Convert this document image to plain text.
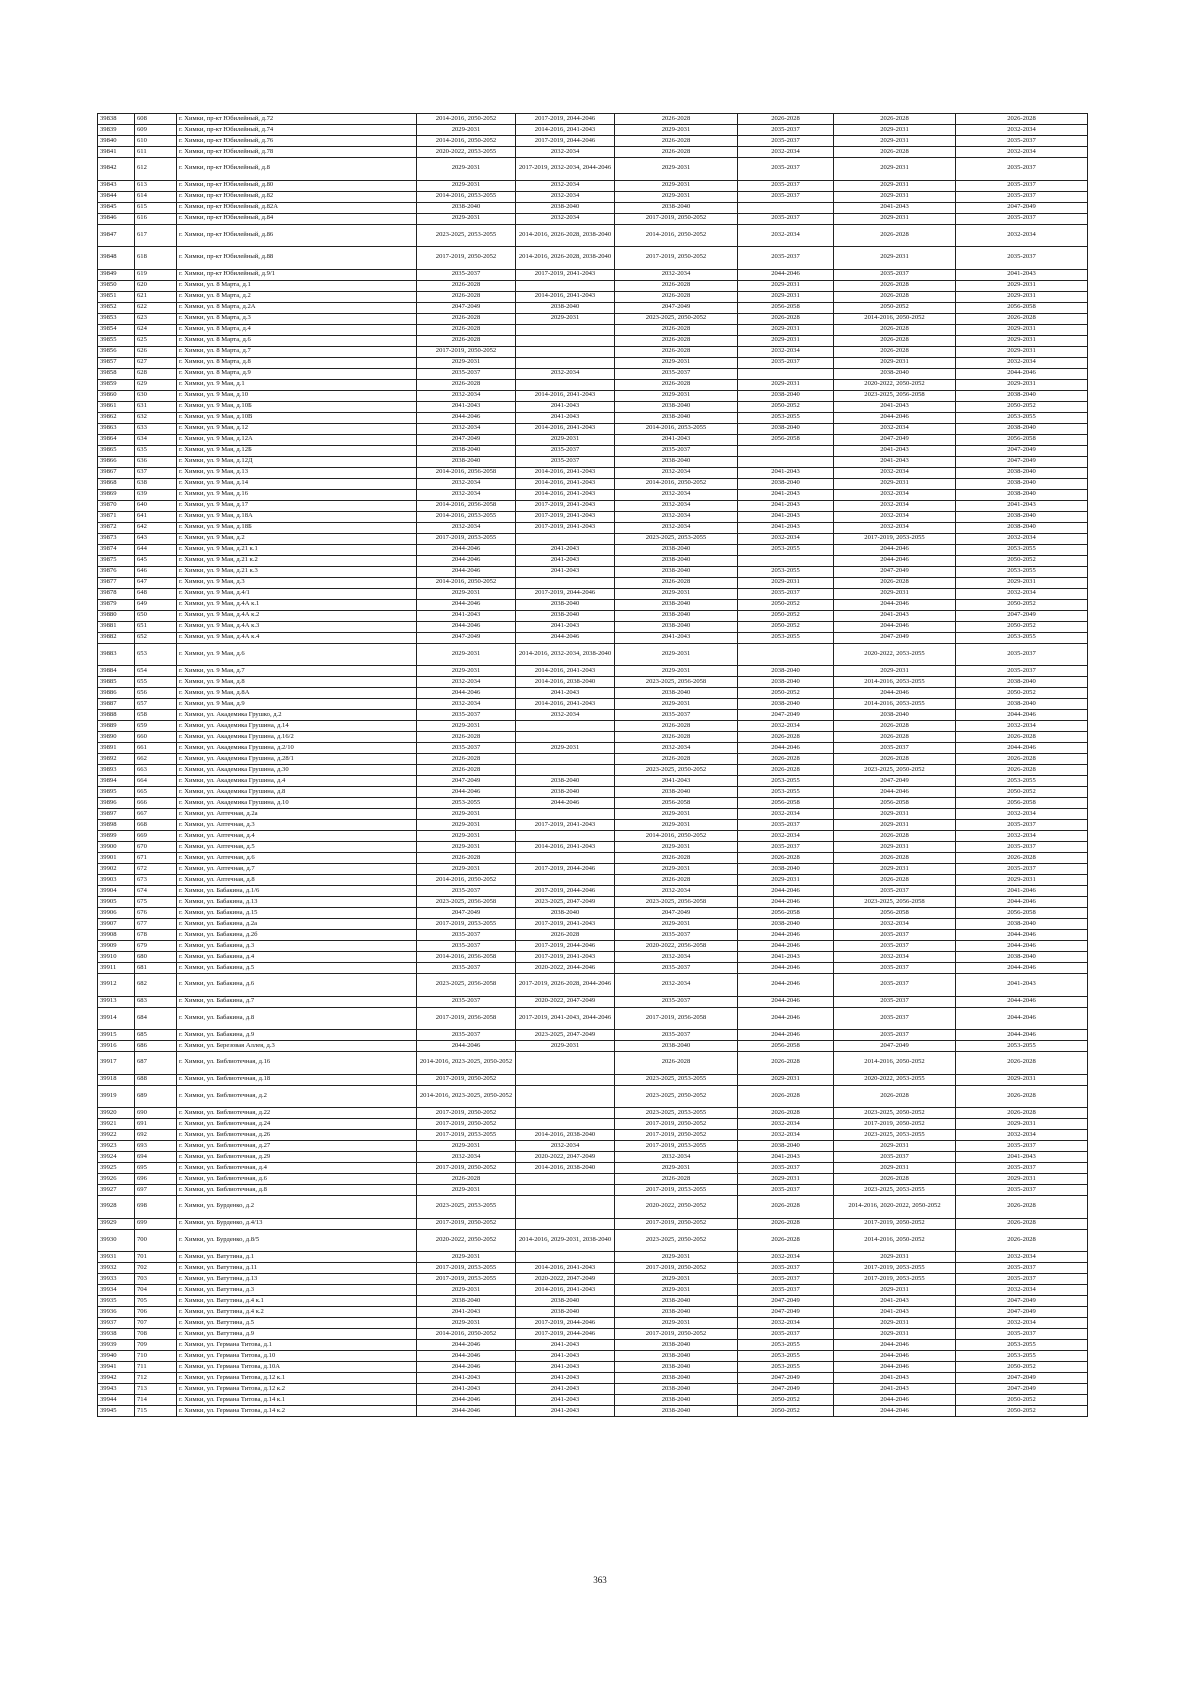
39838	608	г. Химки, пр-кт Юбилейный, д.72	2014-2016, 2050-2052	2017-2019, 2044-2046	2026-2028	2026-2028	2026-2028	2026-2028
39839	609	г. Химки, пр-кт Юбилейный, д.74	2029-2031	2014-2016, 2041-2043	2029-2031	2035-2037	2029-2031	2032-2034
39840	610	г. Химки, пр-кт Юбилейный, д.76	2014-2016, 2050-2052	2017-2019, 2044-2046	2026-2028	2035-2037	2029-2031	2035-2037
39841	611	г. Химки, пр-кт Юбилейный, д.78	2020-2022, 2053-2055	2032-2034	2026-2028	2032-2034	2026-2028	2032-2034
39842	612	г. Химки, пр-кт Юбилейный, д.8	2029-2031	2017-2019, 2032-2034, 2044-2046	2029-2031	2035-2037	2029-2031	2035-2037
39843	613	г. Химки, пр-кт Юбилейный, д.80	2029-2031	2032-2034	2029-2031	2035-2037	2029-2031	2035-2037
39844	614	г. Химки, пр-кт Юбилейный, д.82	2014-2016, 2053-2055	2032-2034	2029-2031	2035-2037	2029-2031	2035-2037
39845	615	г. Химки, пр-кт Юбилейный, д.82А	2038-2040	2038-2040	2038-2040		2041-2043	2047-2049
39846	616	г. Химки, пр-кт Юбилейный, д.84	2029-2031	2032-2034	2017-2019, 2050-2052	2035-2037	2029-2031	2035-2037
39847	617	г. Химки, пр-кт Юбилейный, д.86	2023-2025, 2053-2055	2014-2016, 2026-2028, 2038-2040	2014-2016, 2050-2052	2032-2034	2026-2028	2032-2034
39848	618	г. Химки, пр-кт Юбилейный, д.88	2017-2019, 2050-2052	2014-2016, 2026-2028, 2038-2040	2017-2019, 2050-2052	2035-2037	2029-2031	2035-2037
39849	619	г. Химки, пр-кт Юбилейный, д.9/1	2035-2037	2017-2019, 2041-2043	2032-2034	2044-2046	2035-2037	2041-2043
39850	620	г. Химки, ул. 8 Марта, д.1	2026-2028		2026-2028	2029-2031	2026-2028	2029-2031
39851	621	г. Химки, ул. 8 Марта, д.2	2026-2028	2014-2016, 2041-2043	2026-2028	2029-2031	2026-2028	2029-2031
39852	622	г. Химки, ул. 8 Марта, д.2А	2047-2049	2038-2040	2047-2049	2056-2058	2050-2052	2056-2058
39853	623	г. Химки, ул. 8 Марта, д.3	2026-2028	2029-2031	2023-2025, 2050-2052	2026-2028	2014-2016, 2050-2052	2026-2028
39854	624	г. Химки, ул. 8 Марта, д.4	2026-2028		2026-2028	2029-2031	2026-2028	2029-2031
39855	625	г. Химки, ул. 8 Марта, д.6	2026-2028		2026-2028	2029-2031	2026-2028	2029-2031
39856	626	г. Химки, ул. 8 Марта, д.7	2017-2019, 2050-2052		2026-2028	2032-2034	2026-2028	2029-2031
39857	627	г. Химки, ул. 8 Марта, д.8	2029-2031		2029-2031	2035-2037	2029-2031	2032-2034
39858	628	г. Химки, ул. 8 Марта, д.9	2035-2037	2032-2034	2035-2037		2038-2040	2044-2046
39859	629	г. Химки, ул. 9 Мая, д.1	2026-2028		2026-2028	2029-2031	2020-2022, 2050-2052	2029-2031
39860	630	г. Химки, ул. 9 Мая, д.10	2032-2034	2014-2016, 2041-2043	2029-2031	2038-2040	2023-2025, 2056-2058	2038-2040
39861	631	г. Химки, ул. 9 Мая, д.10Б	2041-2043	2041-2043	2038-2040	2050-2052	2041-2043	2050-2052
39862	632	г. Химки, ул. 9 Мая, д.10В	2044-2046	2041-2043	2038-2040	2053-2055	2044-2046	2053-2055
39863	633	г. Химки, ул. 9 Мая, д.12	2032-2034	2014-2016, 2041-2043	2014-2016, 2053-2055	2038-2040	2032-2034	2038-2040
39864	634	г. Химки, ул. 9 Мая, д.12А	2047-2049	2029-2031	2041-2043	2056-2058	2047-2049	2056-2058
39865	635	г. Химки, ул. 9 Мая, д.12Б	2038-2040	2035-2037	2035-2037		2041-2043	2047-2049
39866	636	г. Химки, ул. 9 Мая, д.12Д	2038-2040	2035-2037	2038-2040		2041-2043	2047-2049
39867	637	г. Химки, ул. 9 Мая, д.13	2014-2016, 2056-2058	2014-2016, 2041-2043	2032-2034	2041-2043	2032-2034	2038-2040
39868	638	г. Химки, ул. 9 Мая, д.14	2032-2034	2014-2016, 2041-2043	2014-2016, 2050-2052	2038-2040	2029-2031	2038-2040
39869	639	г. Химки, ул. 9 Мая, д.16	2032-2034	2014-2016, 2041-2043	2032-2034	2041-2043	2032-2034	2038-2040
39870	640	г. Химки, ул. 9 Мая, д.17	2014-2016, 2056-2058	2017-2019, 2041-2043	2032-2034	2041-2043	2032-2034	2041-2043
39871	641	г. Химки, ул. 9 Мая, д.18А	2014-2016, 2053-2055	2017-2019, 2041-2043	2032-2034	2041-2043	2032-2034	2038-2040
39872	642	г. Химки, ул. 9 Мая, д.18Б	2032-2034	2017-2019, 2041-2043	2032-2034	2041-2043	2032-2034	2038-2040
39873	643	г. Химки, ул. 9 Мая, д.2	2017-2019, 2053-2055		2023-2025, 2053-2055	2032-2034	2017-2019, 2053-2055	2032-2034
39874	644	г. Химки, ул. 9 Мая, д.21 к.1	2044-2046	2041-2043	2038-2040	2053-2055	2044-2046	2053-2055
39875	645	г. Химки, ул. 9 Мая, д.21 к.2	2044-2046	2041-2043	2038-2040		2044-2046	2050-2052
39876	646	г. Химки, ул. 9 Мая, д.21 к.3	2044-2046	2041-2043	2038-2040	2053-2055	2047-2049	2053-2055
39877	647	г. Химки, ул. 9 Мая, д.3	2014-2016, 2050-2052		2026-2028	2029-2031	2026-2028	2029-2031
39878	648	г. Химки, ул. 9 Мая, д.4/1	2029-2031	2017-2019, 2044-2046	2029-2031	2035-2037	2029-2031	2032-2034
39879	649	г. Химки, ул. 9 Мая, д.4А к.1	2044-2046	2038-2040	2038-2040	2050-2052	2044-2046	2050-2052
39880	650	г. Химки, ул. 9 Мая, д.4А к.2	2041-2043	2038-2040	2038-2040	2050-2052	2041-2043	2047-2049
39881	651	г. Химки, ул. 9 Мая, д.4А к.3	2044-2046	2041-2043	2038-2040	2050-2052	2044-2046	2050-2052
39882	652	г. Химки, ул. 9 Мая, д.4А к.4	2047-2049	2044-2046	2041-2043	2053-2055	2047-2049	2053-2055
39883	653	г. Химки, ул. 9 Мая, д.6	2029-2031	2014-2016, 2032-2034, 2038-2040	2029-2031		2020-2022, 2053-2055	2035-2037
39884	654	г. Химки, ул. 9 Мая, д.7	2029-2031	2014-2016, 2041-2043	2029-2031	2038-2040	2029-2031	2035-2037
39885	655	г. Химки, ул. 9 Мая, д.8	2032-2034	2014-2016, 2038-2040	2023-2025, 2056-2058	2038-2040	2014-2016, 2053-2055	2038-2040
39886	656	г. Химки, ул. 9 Мая, д.8А	2044-2046	2041-2043	2038-2040	2050-2052	2044-2046	2050-2052
39887	657	г. Химки, ул. 9 Мая, д.9	2032-2034	2014-2016, 2041-2043	2029-2031	2038-2040	2014-2016, 2053-2055	2038-2040
39888	658	г. Химки, ул. Академика Грушко, д.2	2035-2037	2032-2034	2035-2037	2047-2049	2038-2040	2044-2046
39889	659	г. Химки, ул. Академика Грушина, д.14	2029-2031		2026-2028	2032-2034	2026-2028	2032-2034
39890	660	г. Химки, ул. Академика Грушина, д.16/2	2026-2028		2026-2028	2026-2028	2026-2028	2026-2028
39891	661	г. Химки, ул. Академика Грушина, д.2/10	2035-2037	2029-2031	2032-2034	2044-2046	2035-2037	2044-2046
39892	662	г. Химки, ул. Академика Грушина, д.28/1	2026-2028		2026-2028	2026-2028	2026-2028	2026-2028
39893	663	г. Химки, ул. Академика Грушина, д.30	2026-2028		2023-2025, 2050-2052	2026-2028	2023-2025, 2050-2052	2026-2028
39894	664	г. Химки, ул. Академика Грушина, д.4	2047-2049	2038-2040	2041-2043	2053-2055	2047-2049	2053-2055
39895	665	г. Химки, ул. Академика Грушина, д.8	2044-2046	2038-2040	2038-2040	2053-2055	2044-2046	2050-2052
39896	666	г. Химки, ул. Академика Грушина, д.10	2053-2055	2044-2046	2056-2058	2056-2058	2056-2058	2056-2058
39897	667	г. Химки, ул. Аптечная, д.2а	2029-2031		2029-2031	2032-2034	2029-2031	2032-2034
39898	668	г. Химки, ул. Аптечная, д.3	2029-2031	2017-2019, 2041-2043	2029-2031	2035-2037	2029-2031	2035-2037
39899	669	г. Химки, ул. Аптечная, д.4	2029-2031		2014-2016, 2050-2052	2032-2034	2026-2028	2032-2034
39900	670	г. Химки, ул. Аптечная, д.5	2029-2031	2014-2016, 2041-2043	2029-2031	2035-2037	2029-2031	2035-2037
39901	671	г. Химки, ул. Аптечная, д.6	2026-2028		2026-2028	2026-2028	2026-2028	2026-2028
39902	672	г. Химки, ул. Аптечная, д.7	2029-2031	2017-2019, 2044-2046	2029-2031	2038-2040	2029-2031	2035-2037
39903	673	г. Химки, ул. Аптечная, д.8	2014-2016, 2050-2052		2026-2028	2029-2031	2026-2028	2029-2031
39904	674	г. Химки, ул. Бабакина, д.1/6	2035-2037	2017-2019, 2044-2046	2032-2034	2044-2046	2035-2037	2041-2046
39905	675	г. Химки, ул. Бабакина, д.13	2023-2025, 2056-2058	2023-2025, 2047-2049	2023-2025, 2056-2058	2044-2046	2023-2025, 2056-2058	2044-2046
39906	676	г. Химки, ул. Бабакина, д.15	2047-2049	2038-2040	2047-2049	2056-2058	2056-2058	2056-2058
39907	677	г. Химки, ул. Бабакина, д.2а	2017-2019, 2053-2055	2017-2019, 2041-2043	2029-2031	2038-2040	2032-2034	2038-2040
39908	678	г. Химки, ул. Бабакина, д.2б	2035-2037	2026-2028	2035-2037	2044-2046	2035-2037	2044-2046
39909	679	г. Химки, ул. Бабакина, д.3	2035-2037	2017-2019, 2044-2046	2020-2022, 2056-2058	2044-2046	2035-2037	2044-2046
39910	680	г. Химки, ул. Бабакина, д.4	2014-2016, 2056-2058	2017-2019, 2041-2043	2032-2034	2041-2043	2032-2034	2038-2040
39911	681	г. Химки, ул. Бабакина, д.5	2035-2037	2020-2022, 2044-2046	2035-2037	2044-2046	2035-2037	2044-2046
39912	682	г. Химки, ул. Бабакина, д.6	2023-2025, 2056-2058	2017-2019, 2026-2028, 2044-2046	2032-2034	2044-2046	2035-2037	2041-2043
39913	683	г. Химки, ул. Бабакина, д.7	2035-2037	2020-2022, 2047-2049	2035-2037	2044-2046	2035-2037	2044-2046
39914	684	г. Химки, ул. Бабакина, д.8	2017-2019, 2056-2058	2017-2019, 2041-2043, 2044-2046	2017-2019, 2056-2058	2044-2046	2035-2037	2044-2046
39915	685	г. Химки, ул. Бабакина, д.9	2035-2037	2023-2025, 2047-2049	2035-2037	2044-2046	2035-2037	2044-2046
39916	686	г. Химки, ул. Березовая Аллея, д.3	2044-2046	2029-2031	2038-2040	2056-2058	2047-2049	2053-2055
39917	687	г. Химки, ул. Библиотечная, д.16	2014-2016, 2023-2025, 2050-2052		2026-2028	2026-2028	2014-2016, 2050-2052	2026-2028
39918	688	г. Химки, ул. Библиотечная, д.18	2017-2019, 2050-2052		2023-2025, 2053-2055	2029-2031	2020-2022, 2053-2055	2029-2031
39919	689	г. Химки, ул. Библиотечная, д.2	2014-2016, 2023-2025, 2050-2052		2023-2025, 2050-2052	2026-2028	2026-2028	2026-2028
39920	690	г. Химки, ул. Библиотечная, д.22	2017-2019, 2050-2052		2023-2025, 2053-2055	2026-2028	2023-2025, 2050-2052	2026-2028
39921	691	г. Химки, ул. Библиотечная, д.24	2017-2019, 2050-2052		2017-2019, 2050-2052	2032-2034	2017-2019, 2050-2052	2029-2031
39922	692	г. Химки, ул. Библиотечная, д.26	2017-2019, 2053-2055	2014-2016, 2038-2040	2017-2019, 2050-2052	2032-2034	2023-2025, 2053-2055	2032-2034
39923	693	г. Химки, ул. Библиотечная, д.27	2029-2031	2032-2034	2017-2019, 2053-2055	2038-2040	2029-2031	2035-2037
39924	694	г. Химки, ул. Библиотечная, д.29	2032-2034	2020-2022, 2047-2049	2032-2034	2041-2043	2035-2037	2041-2043
39925	695	г. Химки, ул. Библиотечная, д.4	2017-2019, 2050-2052	2014-2016, 2038-2040	2029-2031	2035-2037	2029-2031	2035-2037
39926	696	г. Химки, ул. Библиотечная, д.6	2026-2028		2026-2028	2029-2031	2026-2028	2029-2031
39927	697	г. Химки, ул. Библиотечная, д.8	2029-2031		2017-2019, 2053-2055	2035-2037	2023-2025, 2053-2055	2035-2037
39928	698	г. Химки, ул. Бурденко, д.2	2023-2025, 2053-2055		2020-2022, 2050-2052	2026-2028	2014-2016, 2020-2022, 2050-2052	2026-2028
39929	699	г. Химки, ул. Бурденко, д.4/13	2017-2019, 2050-2052		2017-2019, 2050-2052	2026-2028	2017-2019, 2050-2052	2026-2028
39930	700	г. Химки, ул. Бурденко, д.8/5	2020-2022, 2050-2052	2014-2016, 2029-2031, 2038-2040	2023-2025, 2050-2052	2026-2028	2014-2016, 2050-2052	2026-2028
39931	701	г. Химки, ул. Ватутина, д.1	2029-2031		2029-2031	2032-2034	2029-2031	2032-2034
39932	702	г. Химки, ул. Ватутина, д.11	2017-2019, 2053-2055	2014-2016, 2041-2043	2017-2019, 2050-2052	2035-2037	2017-2019, 2053-2055	2035-2037
39933	703	г. Химки, ул. Ватутина, д.13	2017-2019, 2053-2055	2020-2022, 2047-2049	2029-2031	2035-2037	2017-2019, 2053-2055	2035-2037
39934	704	г. Химки, ул. Ватутина, д.3	2029-2031	2014-2016, 2041-2043	2029-2031	2035-2037	2029-2031	2032-2034
39935	705	г. Химки, ул. Ватутина, д.4 к.1	2038-2040	2038-2040	2038-2040	2047-2049	2041-2043	2047-2049
39936	706	г. Химки, ул. Ватутина, д.4 к.2	2041-2043	2038-2040	2038-2040	2047-2049	2041-2043	2047-2049
39937	707	г. Химки, ул. Ватутина, д.5	2029-2031	2017-2019, 2044-2046	2029-2031	2032-2034	2029-2031	2032-2034
39938	708	г. Химки, ул. Ватутина, д.9	2014-2016, 2050-2052	2017-2019, 2044-2046	2017-2019, 2050-2052	2035-2037	2029-2031	2035-2037
39939	709	г. Химки, ул. Германа Титова, д.1	2044-2046	2041-2043	2038-2040	2053-2055	2044-2046	2053-2055
39940	710	г. Химки, ул. Германа Титова, д.10	2044-2046	2041-2043	2038-2040	2053-2055	2044-2046	2053-2055
39941	711	г. Химки, ул. Германа Титова, д.10А	2044-2046	2041-2043	2038-2040	2053-2055	2044-2046	2050-2052
39942	712	г. Химки, ул. Германа Титова, д.12 к.1	2041-2043	2041-2043	2038-2040	2047-2049	2041-2043	2047-2049
39943	713	г. Химки, ул. Германа Титова, д.12 к.2	2041-2043	2041-2043	2038-2040	2047-2049	2041-2043	2047-2049
39944	714	г. Химки, ул. Германа Титова, д.14 к.1	2044-2046	2041-2043	2038-2040	2050-2052	2044-2046	2050-2052
39945	715	г. Химки, ул. Германа Титова, д.14 к.2	2044-2046	2041-2043	2038-2040	2050-2052	2044-2046	2050-2052
363
